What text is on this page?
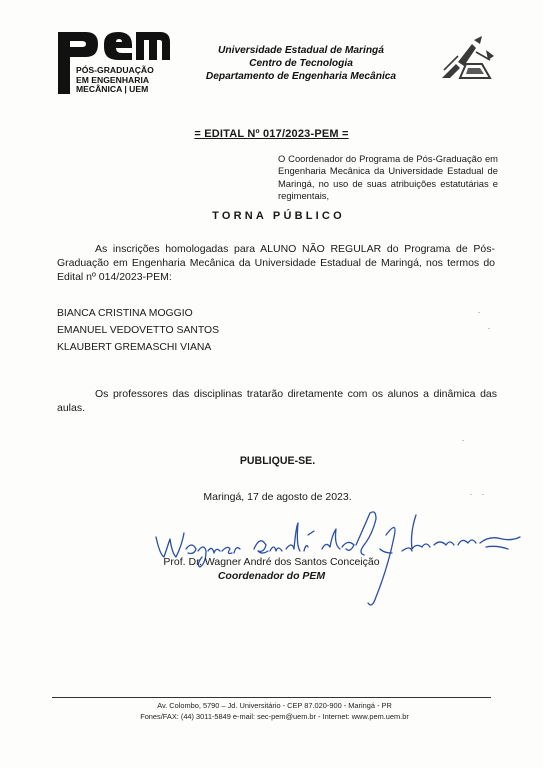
PÓS-GRADUAÇÃO
EM ENGENHARIA
MECÂNICA | UEM
Universidade Estadual de Maringá
Centro de Tecnologia
Departamento de Engenharia Mecânica
= EDITAL Nº 017/2023-PEM =
O Coordenador do Programa de Pós-Graduação em Engenharia Mecânica da Universidade Estadual de Maringá, no uso de suas atribuições estatutárias e regimentais,
TORNA PÚBLICO
As inscrições homologadas para ALUNO NÃO REGULAR do Programa de Pós-Graduação em Engenharia Mecânica da Universidade Estadual de Maringá, nos termos do Edital nº 014/2023-PEM:
BIANCA CRISTINA MOGGIO
EMANUEL VEDOVETTO SANTOS
KLAUBERT GREMASCHI VIANA
Os professores das disciplinas tratarão diretamente com os alunos a dinâmica das aulas.
PUBLIQUE-SE.
Maringá, 17 de agosto de 2023.
Prof. Dr. Wagner André dos Santos Conceição
Coordenador do PEM
Av. Colombo, 5790 – Jd. Universitário - CEP 87.020-900 - Maringá - PR
Fones/FAX: (44) 3011-5849 e-mail: sec-pem@uem.br - Internet: www.pem.uem.br
